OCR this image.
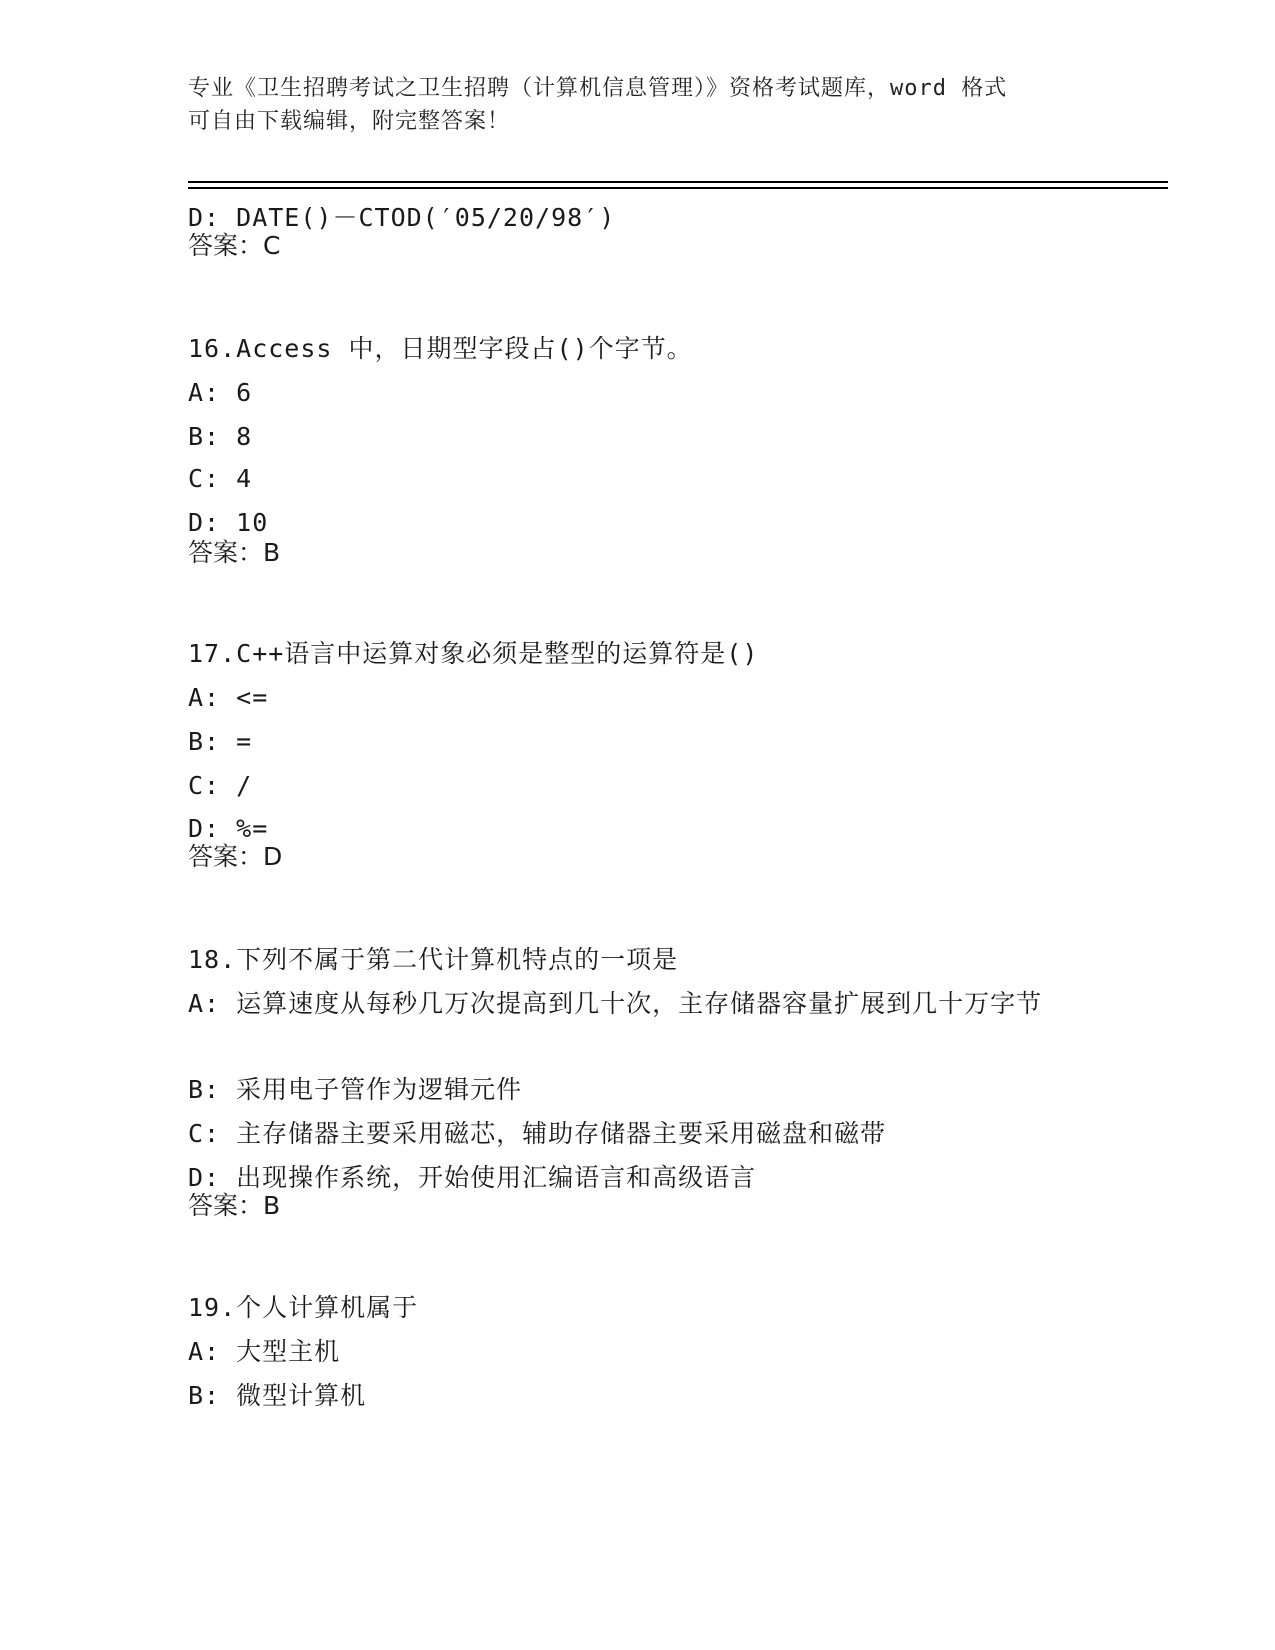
专业《卫生招聘考试之卫生招聘（计算机信息管理）》资格考试题库，word 格式
可自由下载编辑，附完整答案！
D: DATE()－CTOD(′05/20/98′)
答案：C
16.Access 中，日期型字段占()个字节。
A: 6
B: 8
C: 4
D: 10
答案：B
17.C++语言中运算对象必须是整型的运算符是()
A: <=
B: =
C: /
D: %=
答案：D
18.下列不属于第二代计算机特点的一项是
A: 运算速度从每秒几万次提高到几十次，主存储器容量扩展到几十万字节
B: 采用电子管作为逻辑元件
C: 主存储器主要采用磁芯，辅助存储器主要采用磁盘和磁带
D: 出现操作系统，开始使用汇编语言和高级语言
答案：B
19.个人计算机属于
A: 大型主机
B: 微型计算机
